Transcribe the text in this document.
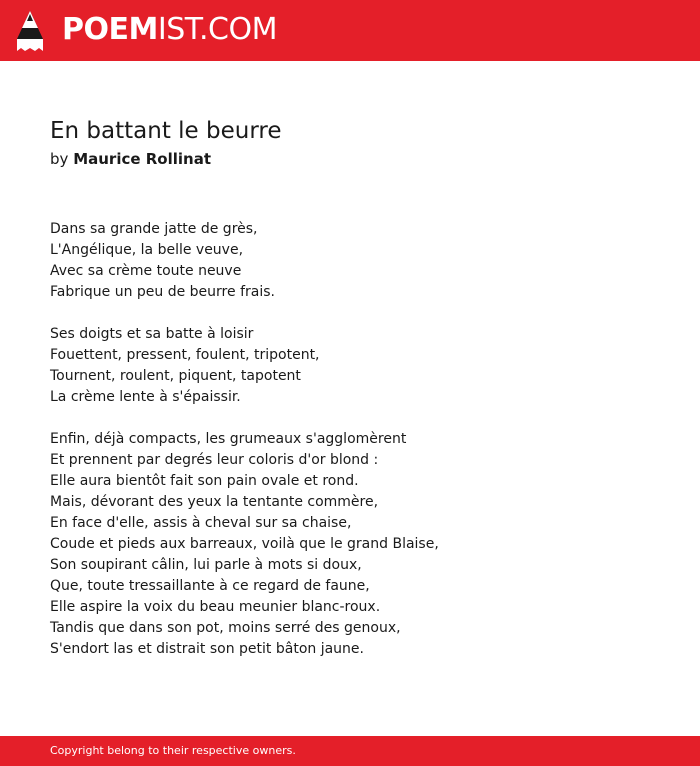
POEMIST.COM
En battant le beurre
by Maurice Rollinat
Dans sa grande jatte de grès,
L'Angélique, la belle veuve,
Avec sa crème toute neuve
Fabrique un peu de beurre frais.
Ses doigts et sa batte à loisir
Fouettent, pressent, foulent, tripotent,
Tournent, roulent, piquent, tapotent
La crème lente à s'épaissir.
Enfin, déjà compacts, les grumeaux s'agglomèrent
Et prennent par degrés leur coloris d'or blond :
Elle aura bientôt fait son pain ovale et rond.
Mais, dévorant des yeux la tentante commère,
En face d'elle, assis à cheval sur sa chaise,
Coude et pieds aux barreaux, voilà que le grand Blaise,
Son soupirant câlin, lui parle à mots si doux,
Que, toute tressaillante à ce regard de faune,
Elle aspire la voix du beau meunier blanc-roux.
Tandis que dans son pot, moins serré des genoux,
S'endort las et distrait son petit bâton jaune.
Copyright belong to their respective owners.
